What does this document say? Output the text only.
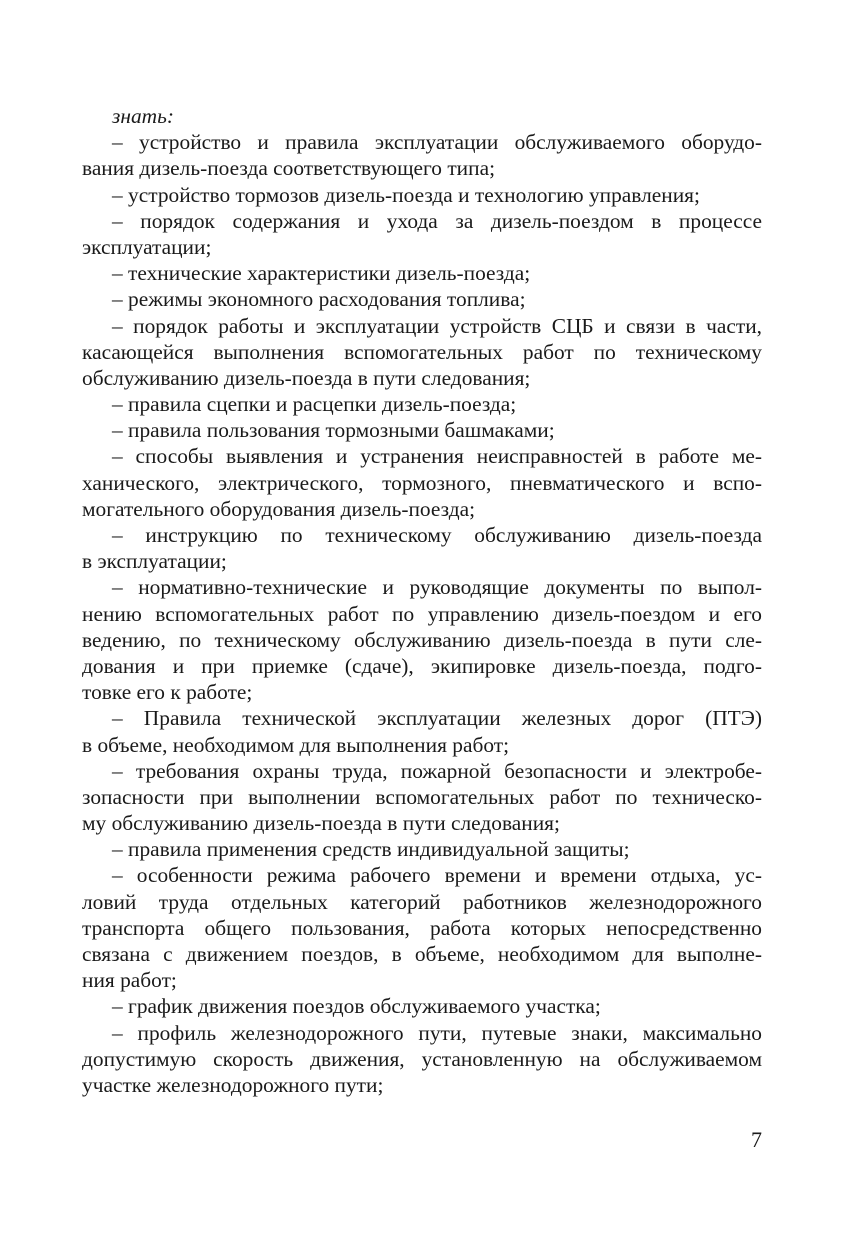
знать:

– устройство и правила эксплуатации обслуживаемого оборудо-
вания дизель-поезда соответствующего типа;
– устройство тормозов дизель-поезда и технологию управления;
– порядок содержания и ухода за дизель-поездом в процессе
эксплуатации;
– технические характеристики дизель-поезда;
– режимы экономного расходования топлива;
– порядок работы и эксплуатации устройств СЦБ и связи в части,
касающейся выполнения вспомогательных работ по техническому
обслуживанию дизель-поезда в пути следования;
– правила сцепки и расцепки дизель-поезда;
– правила пользования тормозными башмаками;
– способы выявления и устранения неисправностей в работе ме-
ханического, электрического, тормозного, пневматического и вспо-
могательного оборудования дизель-поезда;
– инструкцию по техническому обслуживанию дизель-поезда
в эксплуатации;
– нормативно-технические и руководящие документы по выпол-
нению вспомогательных работ по управлению дизель-поездом и его
ведению, по техническому обслуживанию дизель-поезда в пути сле-
дования и при приемке (сдаче), экипировке дизель-поезда, подго-
товке его к работе;
– Правила технической эксплуатации железных дорог (ПТЭ)
в объеме, необходимом для выполнения работ;
– требования охраны труда, пожарной безопасности и электробе-
зопасности при выполнении вспомогательных работ по техническо-
му обслуживанию дизель-поезда в пути следования;
– правила применения средств индивидуальной защиты;
– особенности режима рабочего времени и времени отдыха, ус-
ловий труда отдельных категорий работников железнодорожного
транспорта общего пользования, работа которых непосредственно
связана с движением поездов, в объеме, необходимом для выполне-
ния работ;
– график движения поездов обслуживаемого участка;
– профиль железнодорожного пути, путевые знаки, максимально
допустимую скорость движения, установленную на обслуживаемом
участке железнодорожного пути;
7
